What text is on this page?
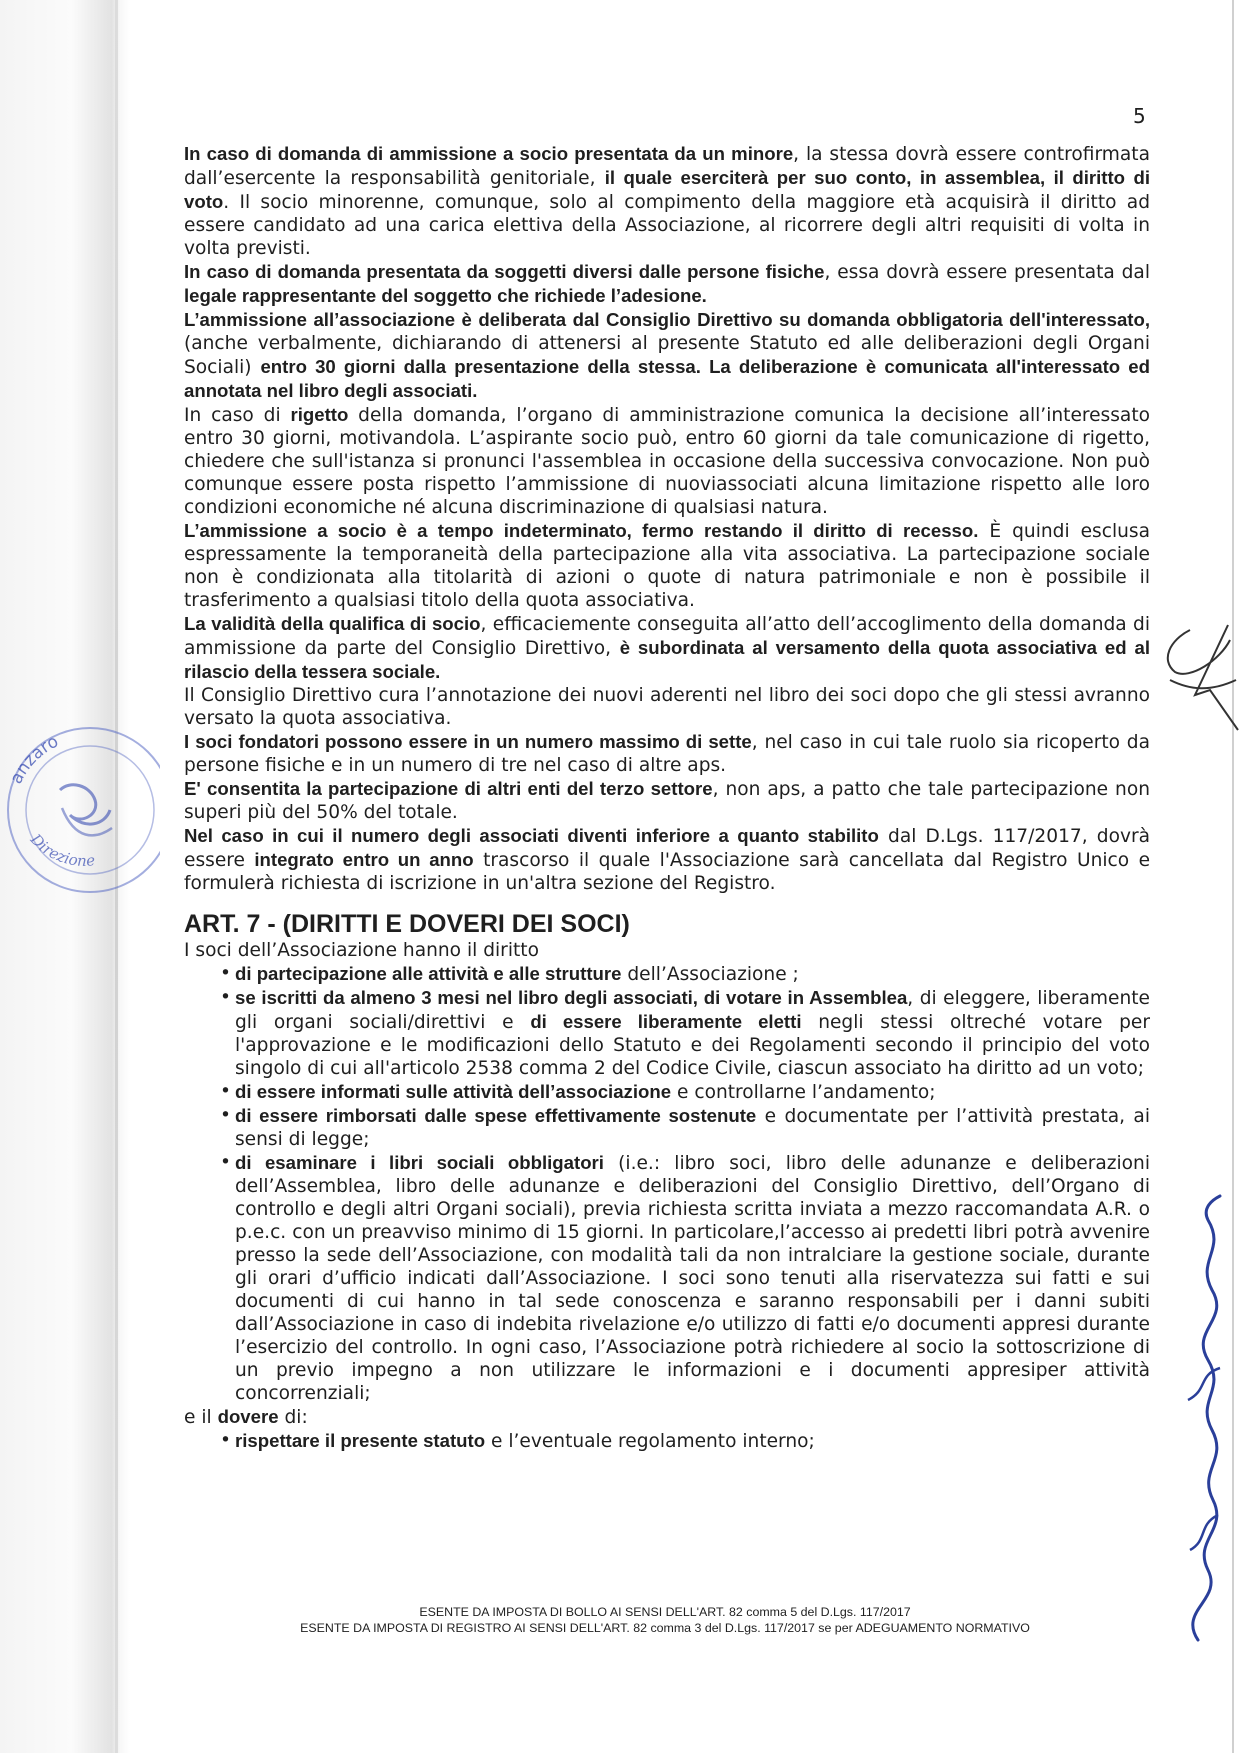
anzaro
Direzione
5

In caso di domanda di ammissione a socio presentata da un minore, la stessa dovrà essere controfirmata dall’esercente la responsabilità genitoriale, il quale eserciterà per suo conto, in assemblea, il diritto di voto. Il socio minorenne, comunque, solo al compimento della maggiore età acquisirà il diritto ad essere candidato ad una carica elettiva della Associazione, al ricorrere degli altri requisiti di volta in volta previsti.

In caso di domanda presentata da soggetti diversi dalle persone fisiche, essa dovrà essere presentata dal legale rappresentante del soggetto che richiede l’adesione.

L’ammissione all’associazione è deliberata dal Consiglio Direttivo su domanda obbligatoria dell'interessato, (anche verbalmente, dichiarando di attenersi al presente Statuto ed alle deliberazioni degli Organi Sociali) entro 30 giorni dalla presentazione della stessa. La deliberazione è comunicata all'interessato ed annotata nel libro degli associati.

In caso di rigetto della domanda, l’organo di amministrazione comunica la decisione all’interessato entro 30 giorni, motivandola. L’aspirante socio può, entro 60 giorni da tale comunicazione di rigetto, chiedere che sull'istanza si pronunci l'assemblea in occasione della successiva convocazione. Non può comunque essere posta rispetto l’ammissione di nuoviassociati alcuna limitazione rispetto alle loro condizioni economiche né alcuna discriminazione di qualsiasi natura.

L’ammissione a socio è a tempo indeterminato, fermo restando il diritto di recesso. È quindi esclusa espressamente la temporaneità della partecipazione alla vita associativa. La partecipazione sociale non è condizionata alla titolarità di azioni o quote di natura patrimoniale e non è possibile il trasferimento a qualsiasi titolo della quota associativa.

La validità della qualifica di socio, efficaciemente conseguita all’atto dell’accoglimento della domanda di ammissione da parte del Consiglio Direttivo, è subordinata al versamento della quota associativa ed al rilascio della tessera sociale.

Il Consiglio Direttivo cura l’annotazione dei nuovi aderenti nel libro dei soci dopo che gli stessi avranno versato la quota associativa.

I soci fondatori possono essere in un numero massimo di sette, nel caso in cui tale ruolo sia ricoperto da persone fisiche e in un numero di tre nel caso di altre aps.

E' consentita la partecipazione di altri enti del terzo settore, non aps, a patto che tale partecipazione non superi più del 50% del totale.

Nel caso in cui il numero degli associati diventi inferiore a quanto stabilito dal D.Lgs. 117/2017, dovrà essere integrato entro un anno trascorso il quale l'Associazione sarà cancellata dal Registro Unico e formulerà richiesta di iscrizione in un'altra sezione del Registro.

ART. 7 - (DIRITTI E DOVERI DEI SOCI)

I soci dell’Associazione hanno il diritto

• di partecipazione alle attività e alle strutture dell’Associazione ;
• se iscritti da almeno 3 mesi nel libro degli associati, di votare in Assemblea, di eleggere, liberamente gli organi sociali/direttivi e di essere liberamente eletti negli stessi oltreché votare per l'approvazione e le modificazioni dello Statuto e dei Regolamenti secondo il principio del voto singolo di cui all'articolo 2538 comma 2 del Codice Civile, ciascun associato ha diritto ad un voto;
• di essere informati sulle attività dell’associazione e controllarne l’andamento;
• di essere rimborsati dalle spese effettivamente sostenute e documentate per l’attività prestata, ai sensi di legge;
• di esaminare i libri sociali obbligatori (i.e.: libro soci, libro delle adunanze e deliberazioni dell’Assemblea, libro delle adunanze e deliberazioni del Consiglio Direttivo, dell’Organo di controllo e degli altri Organi sociali), previa richiesta scritta inviata a mezzo raccomandata A.R. o p.e.c. con un preavviso minimo di 15 giorni. In particolare,l’accesso ai predetti libri potrà avvenire presso la sede dell’Associazione, con modalità tali da non intralciare la gestione sociale, durante gli orari d’ufficio indicati dall’Associazione. I soci sono tenuti alla riservatezza sui fatti e sui documenti di cui hanno in tal sede conoscenza e saranno responsabili per i danni subiti dall’Associazione in caso di indebita rivelazione e/o utilizzo di fatti e/o documenti appresi durante l’esercizio del controllo. In ogni caso, l’Associazione potrà richiedere al socio la sottoscrizione di un previo impegno a non utilizzare le informazioni e i documenti appresiper attività concorrenziali;

e il dovere di:

• rispettare il presente statuto e l’eventuale regolamento interno;
ESENTE DA IMPOSTA DI BOLLO AI SENSI DELL'ART. 82 comma 5 del D.Lgs. 117/2017
ESENTE DA IMPOSTA DI REGISTRO AI SENSI DELL'ART. 82 comma 3 del D.Lgs. 117/2017 se per ADEGUAMENTO NORMATIVO
